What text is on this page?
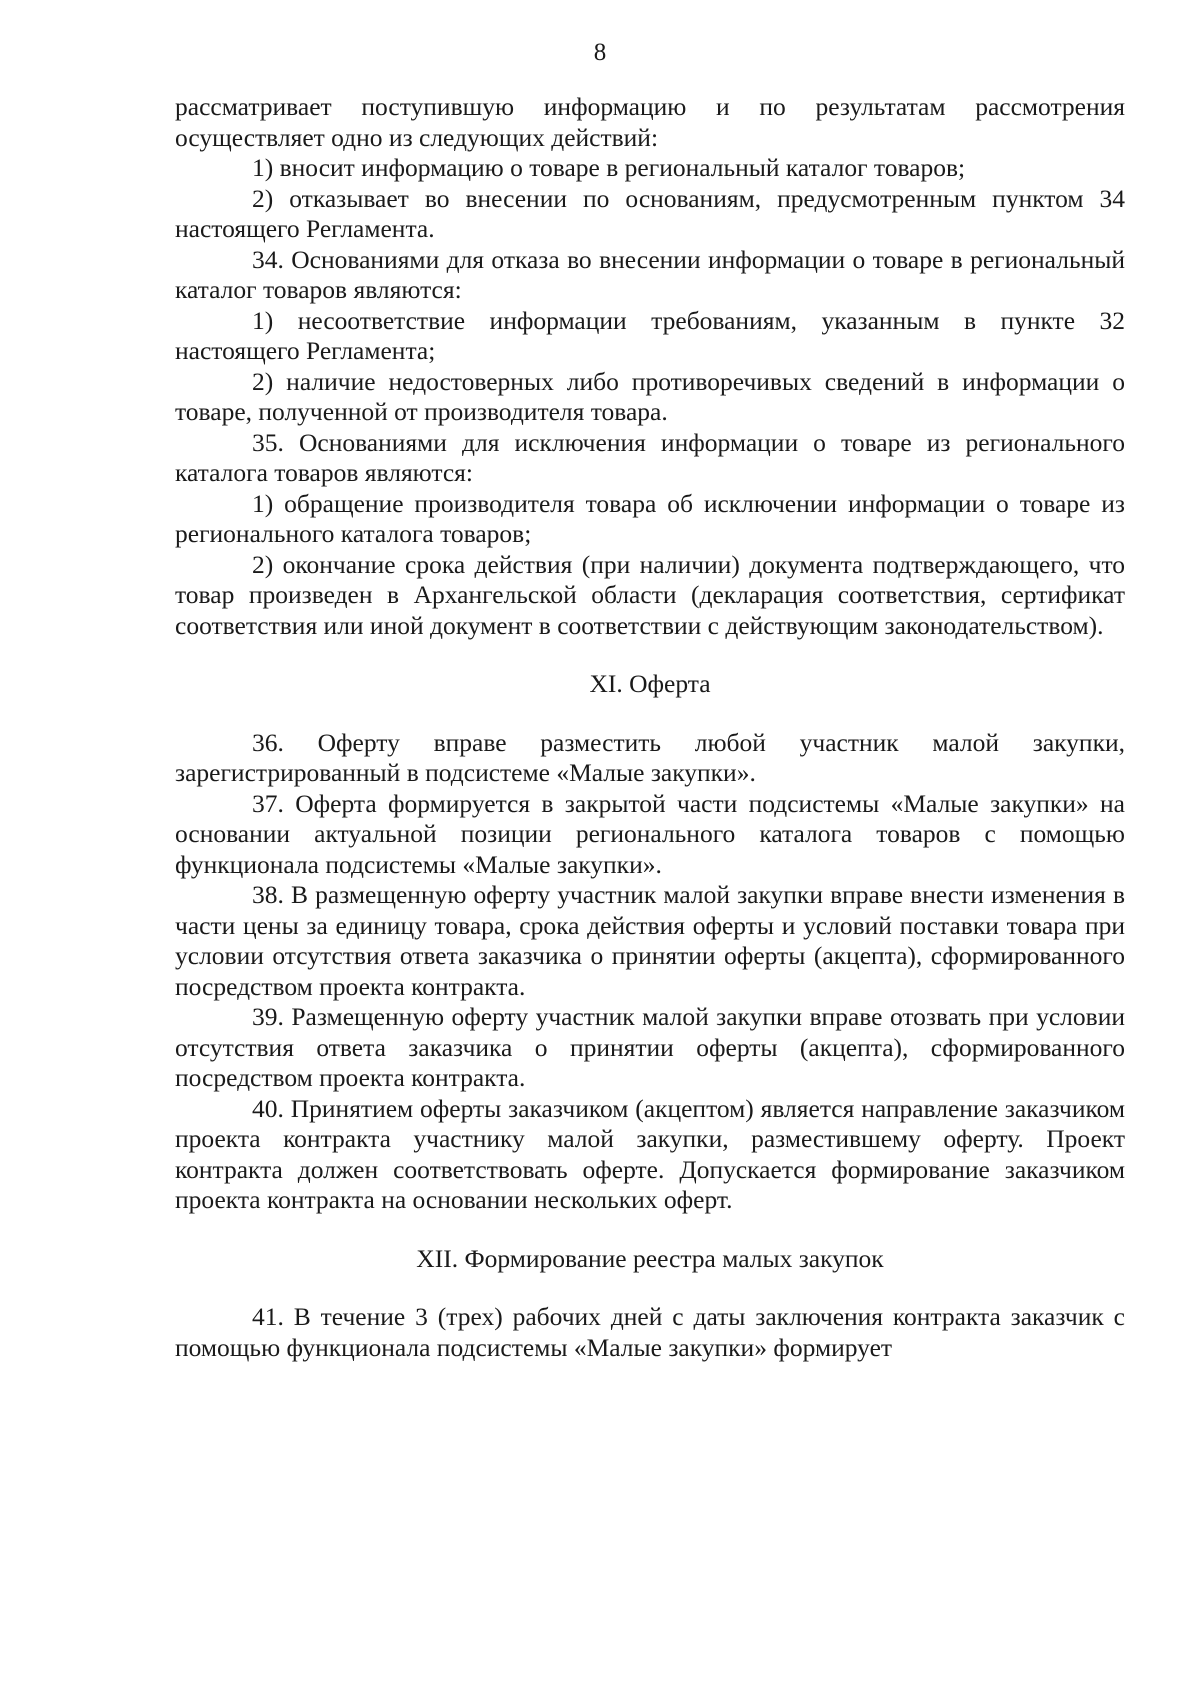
8

рассматривает поступившую информацию и по результатам рассмотрения осуществляет одно из следующих действий:

1) вносит информацию о товаре в региональный каталог товаров;

2) отказывает во внесении по основаниям, предусмотренным пунктом 34 настоящего Регламента.

34. Основаниями для отказа во внесении информации о товаре в региональный каталог товаров являются:

1) несоответствие информации требованиям, указанным в пункте 32 настоящего Регламента;

2) наличие недостоверных либо противоречивых сведений в информации о товаре, полученной от производителя товара.

35. Основаниями для исключения информации о товаре из регионального каталога товаров являются:

1) обращение производителя товара об исключении информации о товаре из регионального каталога товаров;

2) окончание срока действия (при наличии) документа подтверждающего, что товар произведен в Архангельской области (декларация соответствия, сертификат соответствия или иной документ в соответствии с действующим законодательством).

XI. Оферта

36. Оферту вправе разместить любой участник малой закупки, зарегистрированный в подсистеме «Малые закупки».

37. Оферта формируется в закрытой части подсистемы «Малые закупки» на основании актуальной позиции регионального каталога товаров с помощью функционала подсистемы «Малые закупки».

38. В размещенную оферту участник малой закупки вправе внести изменения в части цены за единицу товара, срока действия оферты и условий поставки товара при условии отсутствия ответа заказчика о принятии оферты (акцепта), сформированного посредством проекта контракта.

39. Размещенную оферту участник малой закупки вправе отозвать при условии отсутствия ответа заказчика о принятии оферты (акцепта), сформированного посредством проекта контракта.

40. Принятием оферты заказчиком (акцептом) является направление заказчиком проекта контракта участнику малой закупки, разместившему оферту. Проект контракта должен соответствовать оферте. Допускается формирование заказчиком проекта контракта на основании нескольких оферт.

XII. Формирование реестра малых закупок

41. В течение 3 (трех) рабочих дней с даты заключения контракта заказчик с помощью функционала подсистемы «Малые закупки» формирует
